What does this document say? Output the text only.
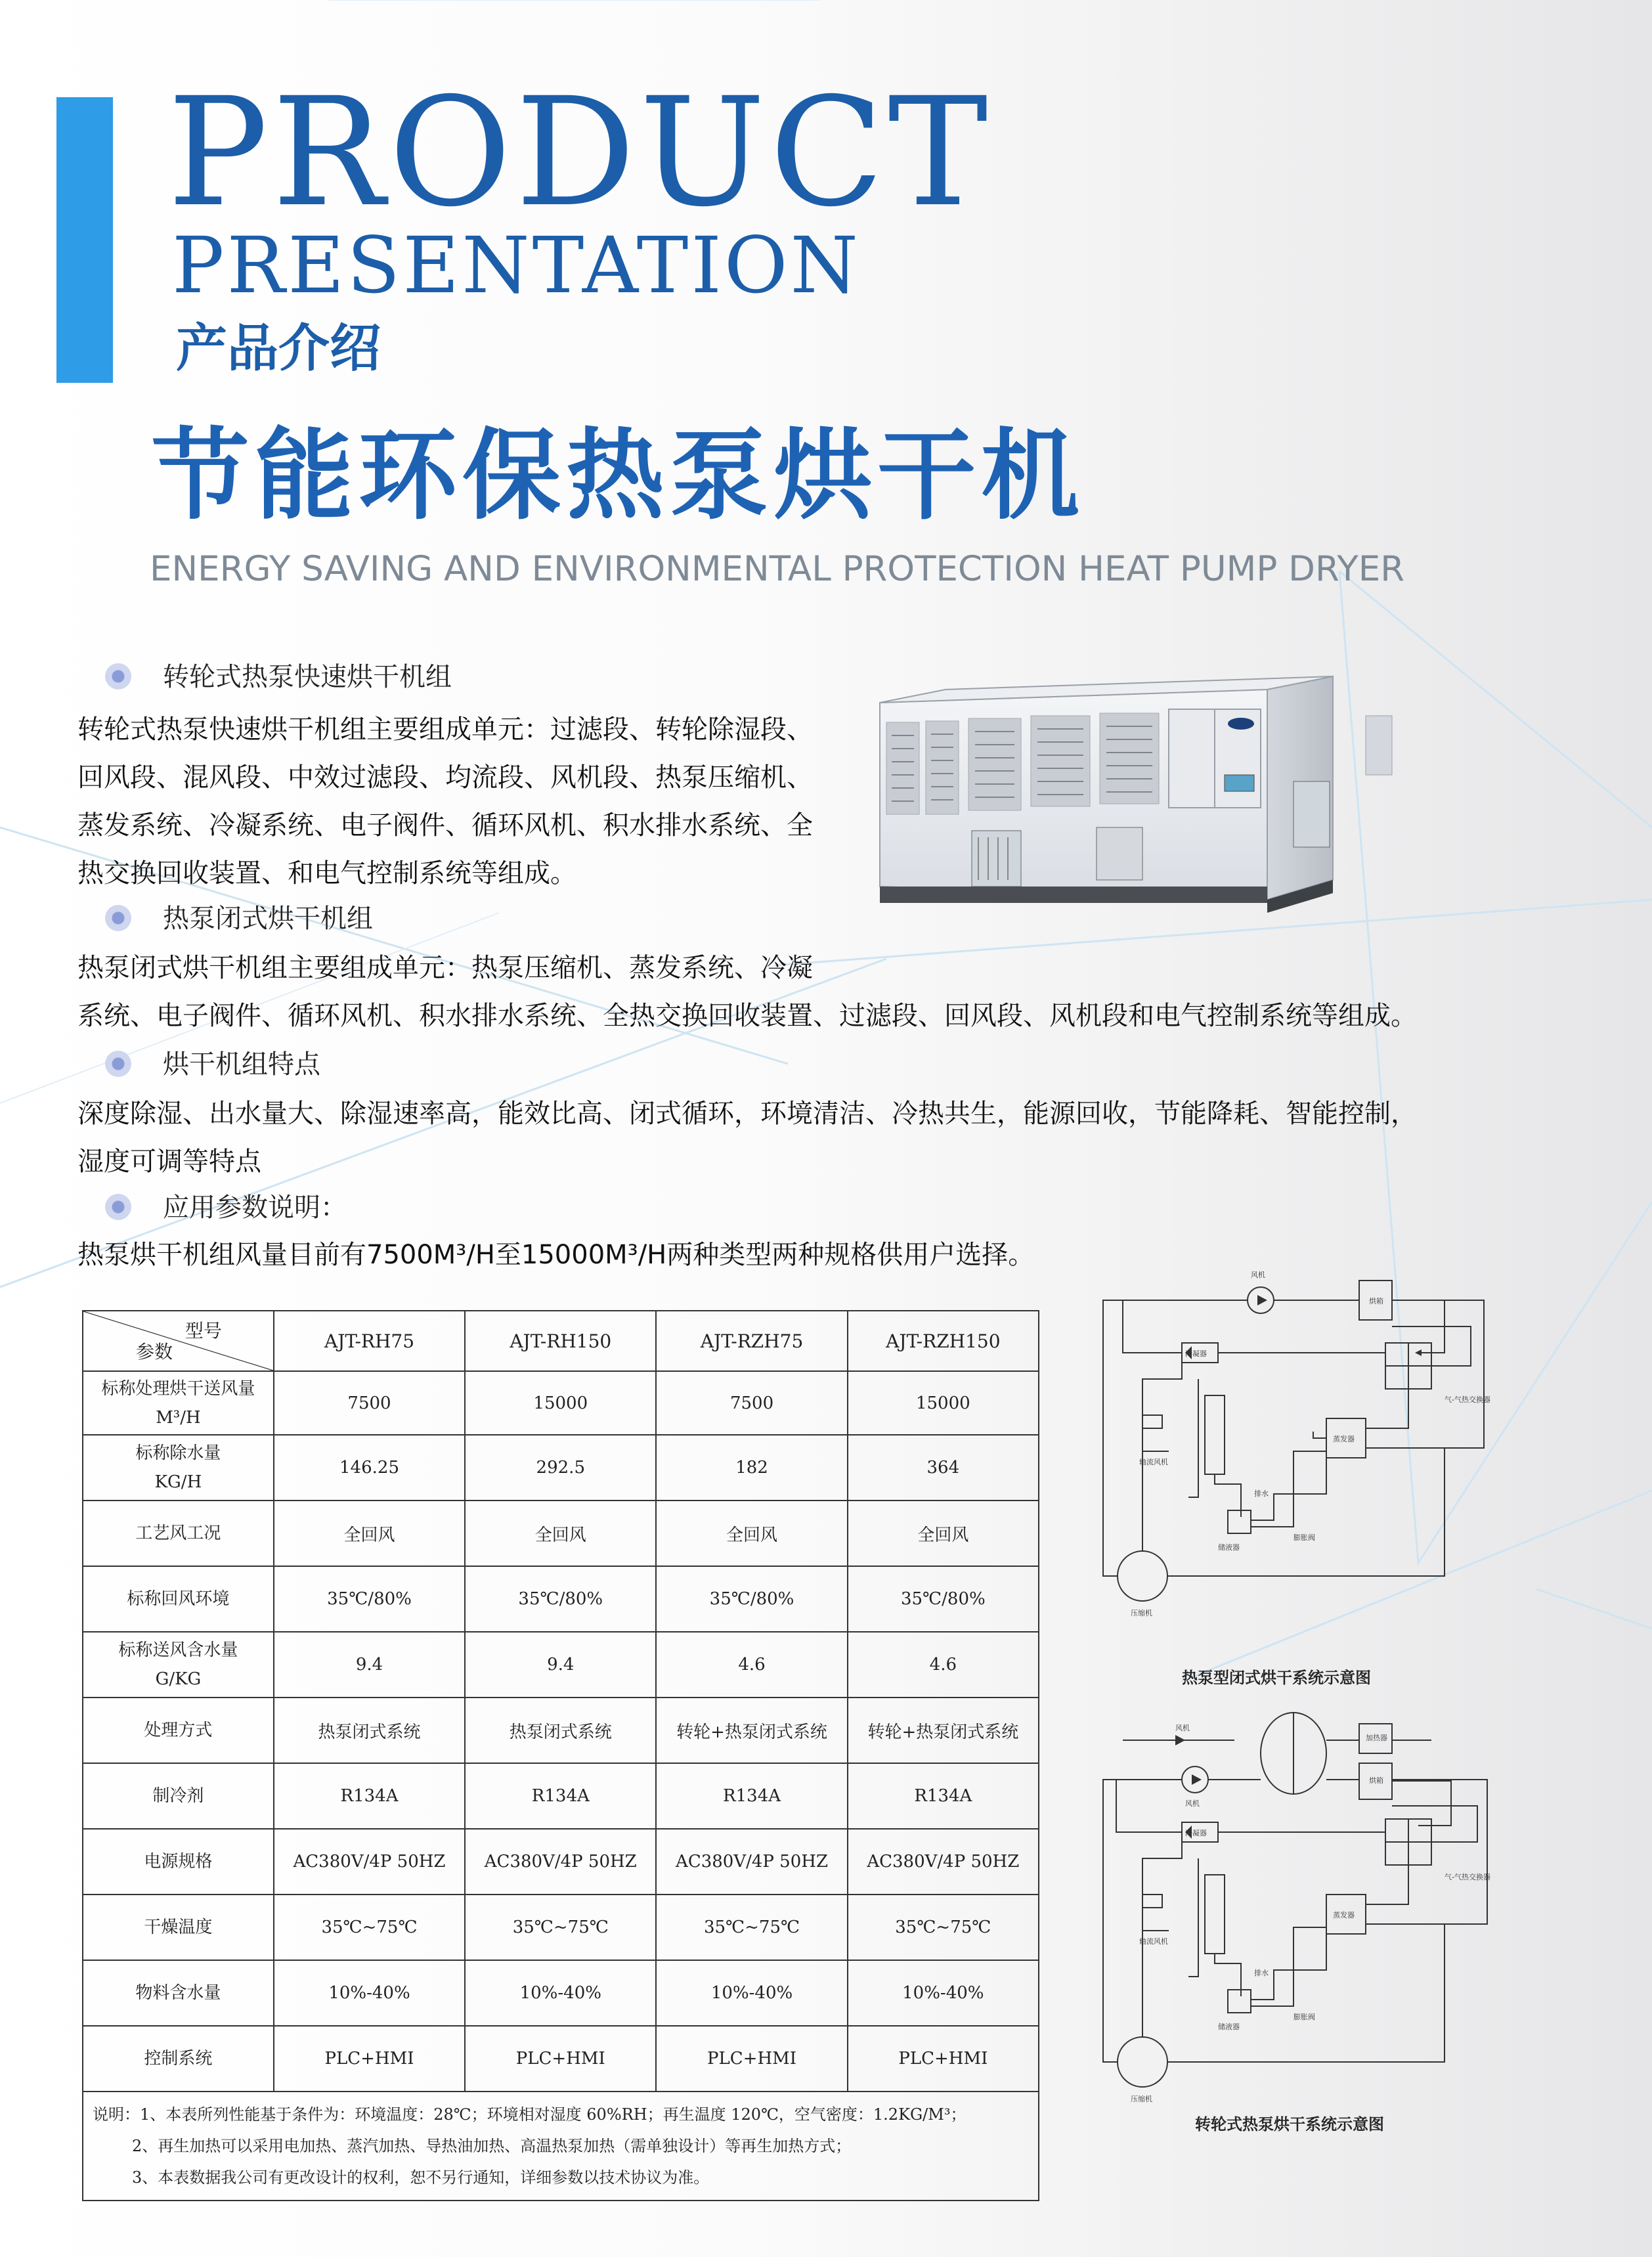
PRODUCT
PRESENTATION
产品介绍
节能环保热泵烘干机
ENERGY SAVING AND ENVIRONMENTAL PROTECTION HEAT PUMP DRYER
转轮式热泵快速烘干机组
转轮式热泵快速烘干机组主要组成单元：过滤段、转轮除湿段、
回风段、混风段、中效过滤段、均流段、风机段、热泵压缩机、
蒸发系统、冷凝系统、电子阀件、循环风机、积水排水系统、全
热交换回收装置、和电气控制系统等组成。
热泵闭式烘干机组
热泵闭式烘干机组主要组成单元：热泵压缩机、蒸发系统、冷凝
系统、电子阀件、循环风机、积水排水系统、全热交换回收装置、过滤段、回风段、风机段和电气控制系统等组成。
烘干机组特点
深度除湿、出水量大、除湿速率高，能效比高、闭式循环，环境清洁、冷热共生，能源回收，节能降耗、智能控制，
湿度可调等特点
应用参数说明：
热泵烘干机组风量目前有7500M³/H至15000M³/H两种类型两种规格供用户选择。
型号
参数	AJT-RH75	AJT-RH150	AJT-RZH75	AJT-RZH150
标称处理烘干送风量
M³/H	7500	15000	7500	15000
标称除水量
KG/H	146.25	292.5	182	364
工艺风工况	全回风	全回风	全回风	全回风
标称回风环境	35℃/80%	35℃/80%	35℃/80%	35℃/80%
标称送风含水量
G/KG	9.4	9.4	4.6	4.6
处理方式	热泵闭式系统	热泵闭式系统	转轮+热泵闭式系统	转轮+热泵闭式系统
制冷剂	R134A	R134A	R134A	R134A
电源规格	AC380V/4P 50HZ	AC380V/4P 50HZ	AC380V/4P 50HZ	AC380V/4P 50HZ
干燥温度	35℃~75℃	35℃~75℃	35℃~75℃	35℃~75℃
物料含水量	10%-40%	10%-40%	10%-40%	10%-40%
控制系统	PLC+HMI	PLC+HMI	PLC+HMI	PLC+HMI

说明：1、本表所列性能基于条件为：环境温度：28℃；环境相对湿度 60%RH；再生温度 120℃，空气密度：1.2KG/M³；
2、再生加热可以采用电加热、蒸汽加热、导热油加热、高温热泵加热（需单独设计）等再生加热方式；
3、本表数据我公司有更改设计的权利，恕不另行通知，详细参数以技术协议为准。				
风机
烘箱
冷凝器
气-气热交换器
轴流风机
蒸发器
排水
储液器
膨胀阀
压缩机
热泵型闭式烘干系统示意图
风机
加热器
风机
烘箱
冷凝器
气-气热交换器
轴流风机
蒸发器
排水
储液器
膨胀阀
压缩机
转轮式热泵烘干系统示意图
